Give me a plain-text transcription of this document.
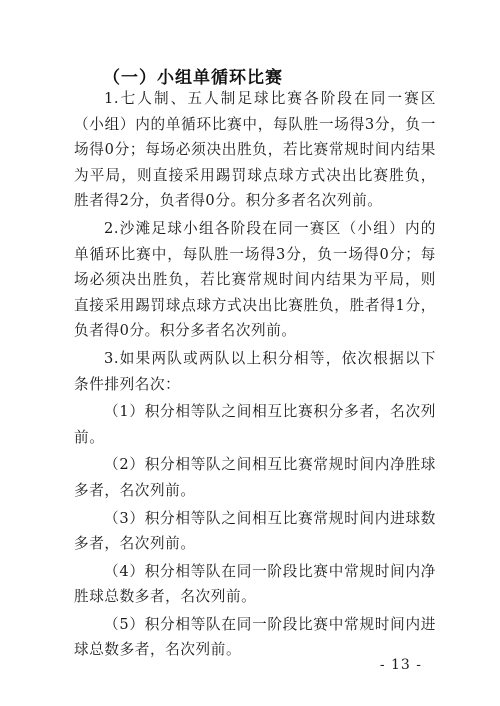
（一）小组单循环比赛

1.七人制、五人制足球比赛各阶段在同一赛区（小组）内的单循环比赛中，每队胜一场得3分，负一场得0分；每场必须决出胜负，若比赛常规时间内结果为平局，则直接采用踢罚球点球方式决出比赛胜负，胜者得2分，负者得0分。积分多者名次列前。

2.沙滩足球小组各阶段在同一赛区（小组）内的单循环比赛中，每队胜一场得3分，负一场得0分；每场必须决出胜负，若比赛常规时间内结果为平局，则直接采用踢罚球点球方式决出比赛胜负，胜者得1分，负者得0分。积分多者名次列前。

3.如果两队或两队以上积分相等，依次根据以下条件排列名次：

（1）积分相等队之间相互比赛积分多者，名次列前。

（2）积分相等队之间相互比赛常规时间内净胜球多者，名次列前。

（3）积分相等队之间相互比赛常规时间内进球数多者，名次列前。

（4）积分相等队在同一阶段比赛中常规时间内净胜球总数多者，名次列前。

（5）积分相等队在同一阶段比赛中常规时间内进球总数多者，名次列前。

- 13 -
